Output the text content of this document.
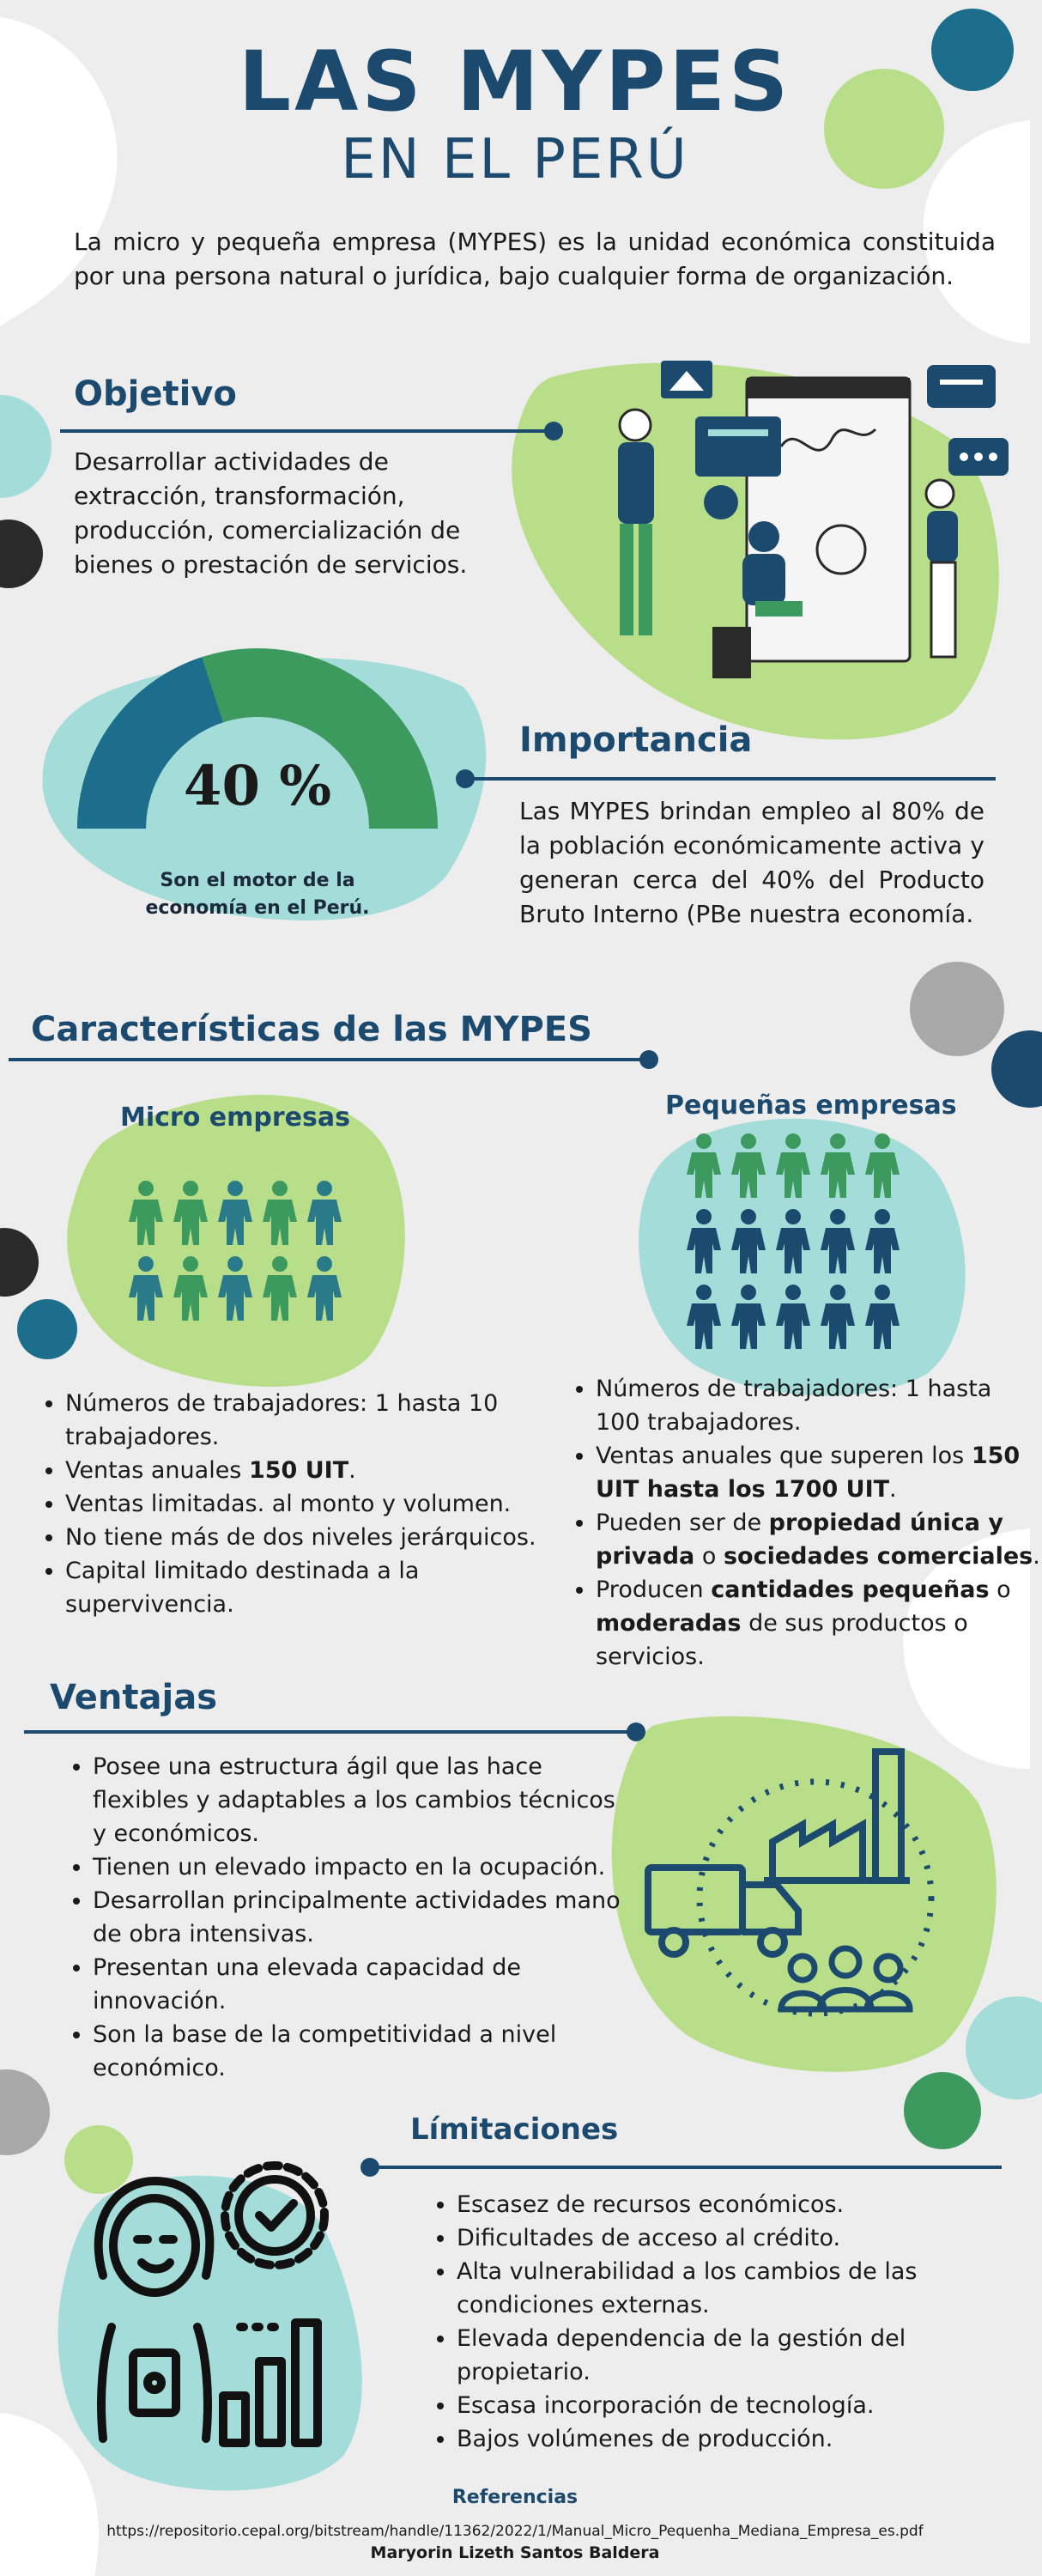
LAS MYPES
EN EL PERÚ
La micro y pequeña empresa (MYPES) es la unidad económica constituida por una persona natural o jurídica, bajo cualquier forma de organización.
Objetivo
Desarrollar actividades de extracción, transformación, producción, comercialización de bienes o prestación de servicios.
40 %
Son el motor de la
economía en el Perú.
Importancia
Las MYPES brindan empleo al 80% de la población económicamente activa y generan cerca del 40% del Producto Bruto Interno (PBe nuestra economía.
Características de las MYPES
Micro empresas	Pequeñas empresas
• Números de trabajadores: 1 hasta 10 trabajadores.
• Ventas anuales 150 UIT.
• Ventas limitadas. al monto y volumen.
• No tiene más de dos niveles jerárquicos.
• Capital limitado destinada a la supervivencia.
• Números de trabajadores: 1 hasta 100 trabajadores.
• Ventas anuales que superen los 150 UIT hasta los 1700 UIT.
• Pueden ser de propiedad única y privada o sociedades comerciales.
• Producen cantidades pequeñas o moderadas de sus productos o servicios.
Ventajas
• Posee una estructura ágil que las hace flexibles y adaptables a los cambios técnicos y económicos.
• Tienen un elevado impacto en la ocupación.
• Desarrollan principalmente actividades mano de obra intensivas.
• Presentan una elevada capacidad de innovación.
• Son la base de la competitividad a nivel económico.
Límitaciones
• Escasez de recursos económicos.
• Dificultades de acceso al crédito.
• Alta vulnerabilidad a los cambios de las condiciones externas.
• Elevada dependencia de la gestión del propietario.
• Escasa incorporación de tecnología.
• Bajos volúmenes de producción.
Referencias
https://repositorio.cepal.org/bitstream/handle/11362/2022/1/Manual_Micro_Pequenha_Mediana_Empresa_es.pdf
Maryorin Lizeth Santos Baldera
